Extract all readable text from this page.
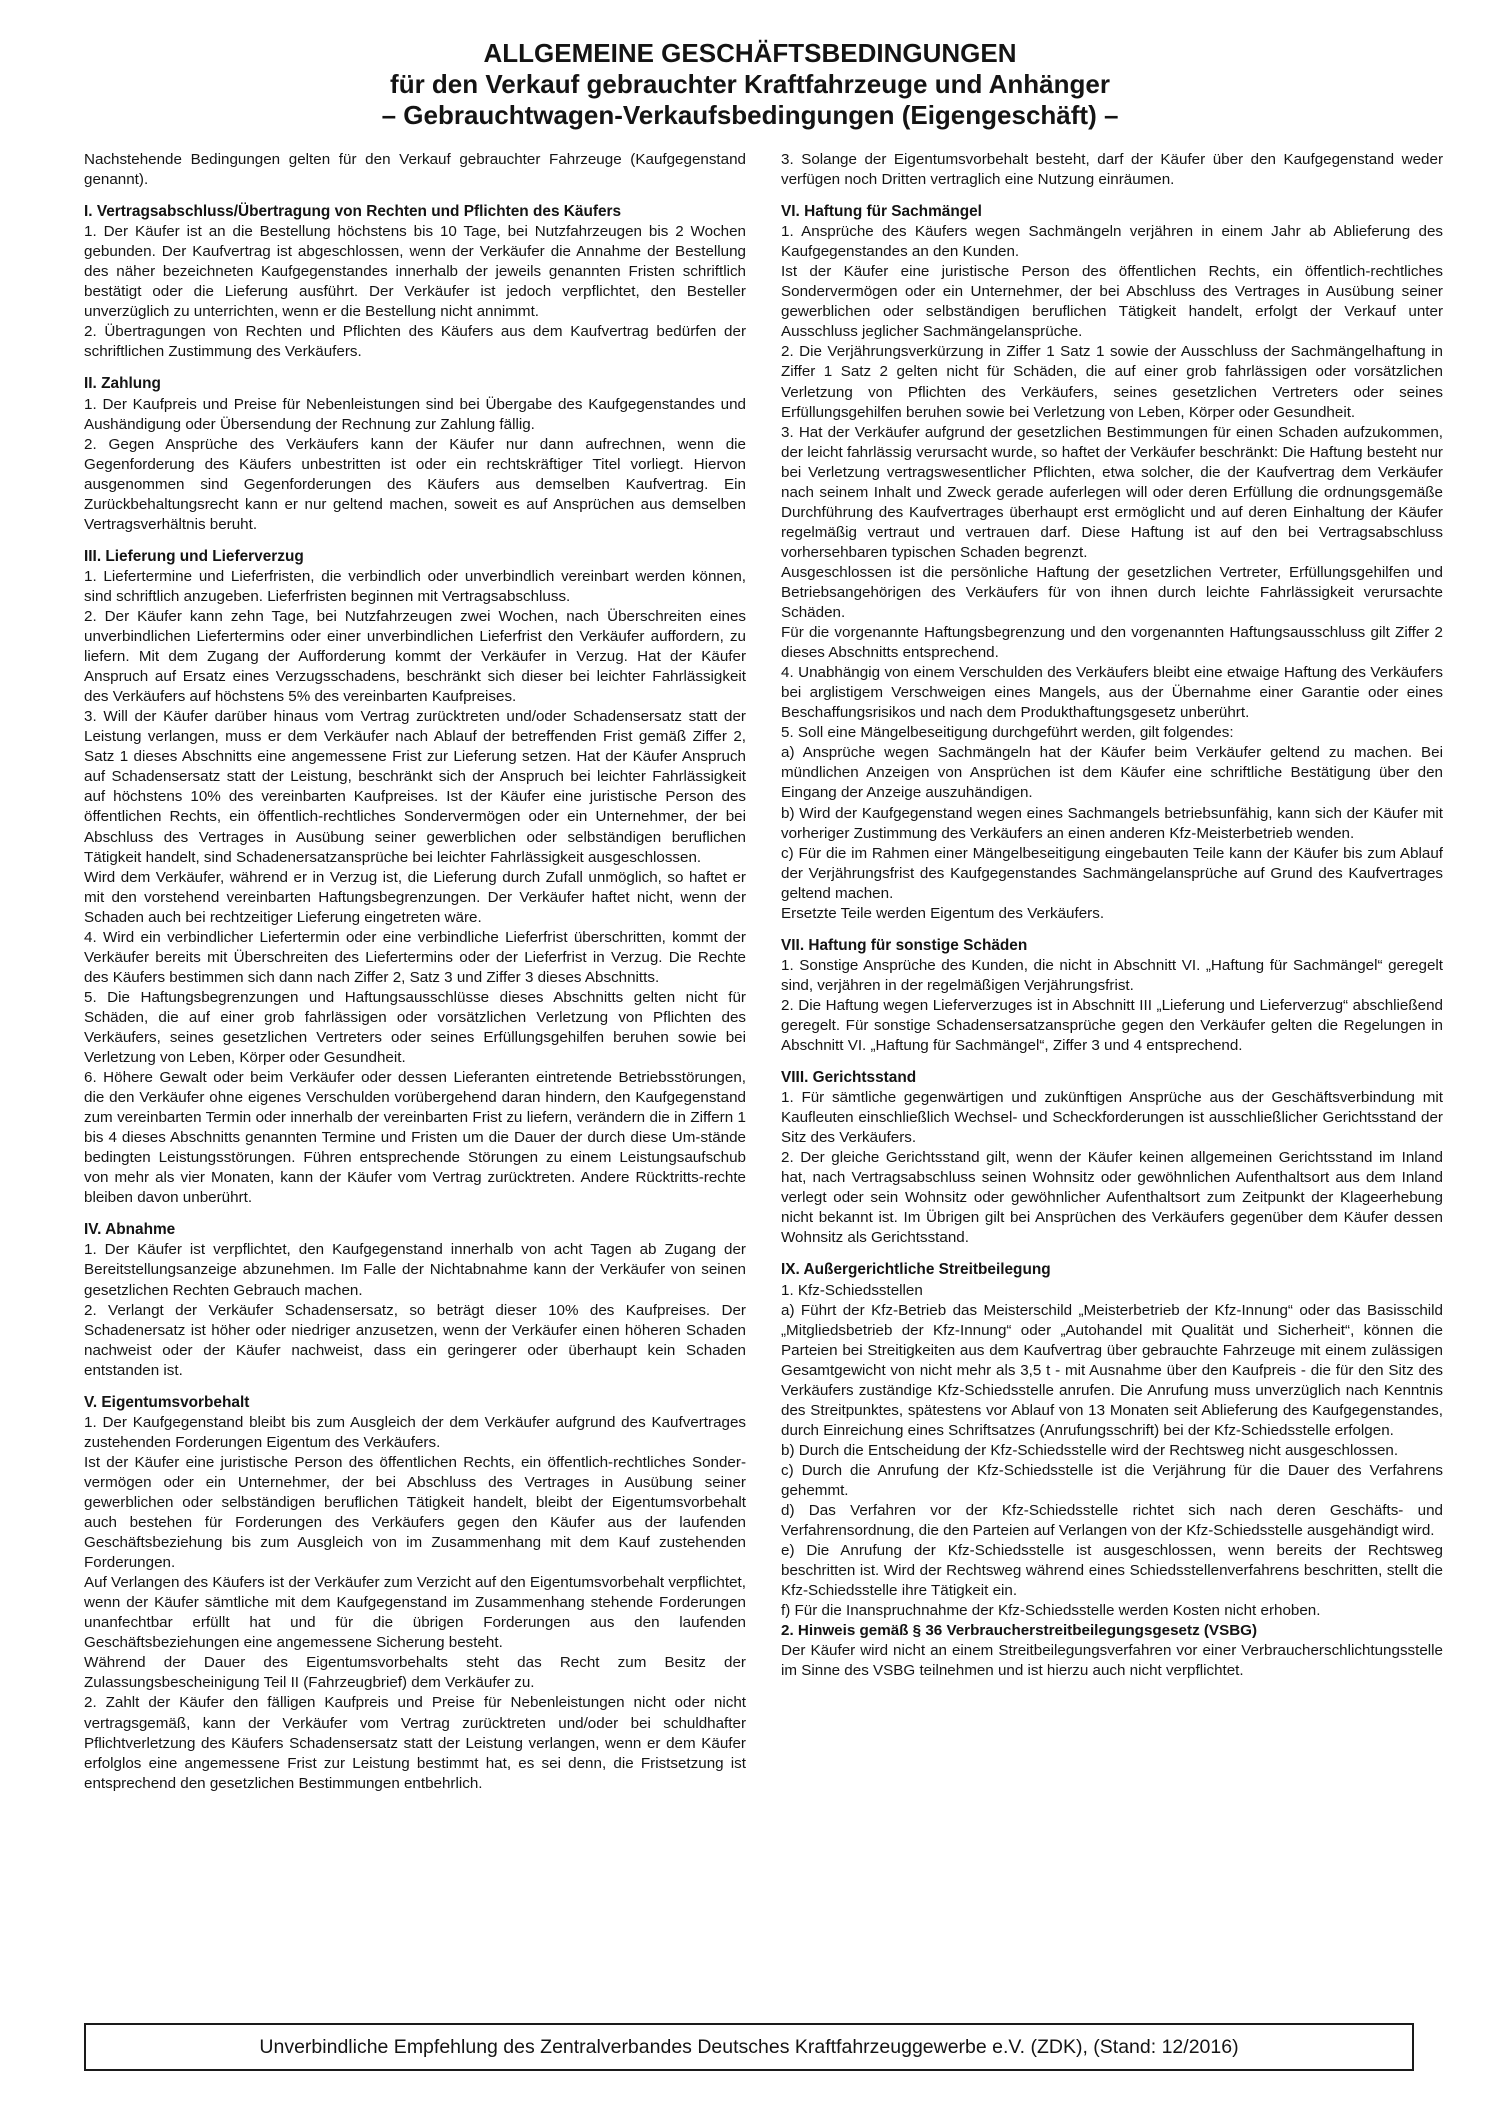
ALLGEMEINE GESCHÄFTSBEDINGUNGEN
für den Verkauf gebrauchter Kraftfahrzeuge und Anhänger
– Gebrauchtwagen-Verkaufsbedingungen (Eigengeschäft) –

Nachstehende Bedingungen gelten für den Verkauf gebrauchter Fahrzeuge (Kaufgegenstand genannt).

I. Vertragsabschluss/Übertragung von Rechten und Pflichten des Käufers

1. Der Käufer ist an die Bestellung höchstens bis 10 Tage, bei Nutzfahrzeugen bis 2 Wochen gebunden. Der Kaufvertrag ist abgeschlossen, wenn der Verkäufer die Annahme der Bestellung des näher bezeichneten Kaufgegenstandes innerhalb der jeweils genannten Fristen schriftlich bestätigt oder die Lieferung ausführt. Der Verkäufer ist jedoch verpflichtet, den Besteller unverzüglich zu unterrichten, wenn er die Bestellung nicht annimmt.

2. Übertragungen von Rechten und Pflichten des Käufers aus dem Kaufvertrag bedürfen der schriftlichen Zustimmung des Verkäufers.

II. Zahlung

1. Der Kaufpreis und Preise für Nebenleistungen sind bei Übergabe des Kaufgegenstandes und Aushändigung oder Übersendung der Rechnung zur Zahlung fällig.

2. Gegen Ansprüche des Verkäufers kann der Käufer nur dann aufrechnen, wenn die Gegenforderung des Käufers unbestritten ist oder ein rechtskräftiger Titel vorliegt. Hiervon ausgenommen sind Gegenforderungen des Käufers aus demselben Kaufvertrag. Ein Zurückbehaltungsrecht kann er nur geltend machen, soweit es auf Ansprüchen aus demselben Vertragsverhältnis beruht.

III. Lieferung und Lieferverzug

1. Liefertermine und Lieferfristen, die verbindlich oder unverbindlich vereinbart werden können, sind schriftlich anzugeben. Lieferfristen beginnen mit Vertragsabschluss.

2. Der Käufer kann zehn Tage, bei Nutzfahrzeugen zwei Wochen, nach Überschreiten eines unverbindlichen Liefertermins oder einer unverbindlichen Lieferfrist den Verkäufer auffordern, zu liefern. Mit dem Zugang der Aufforderung kommt der Verkäufer in Verzug. Hat der Käufer Anspruch auf Ersatz eines Verzugsschadens, beschränkt sich dieser bei leichter Fahrlässigkeit des Verkäufers auf höchstens 5% des vereinbarten Kaufpreises.

3. Will der Käufer darüber hinaus vom Vertrag zurücktreten und/oder Schadensersatz statt der Leistung verlangen, muss er dem Verkäufer nach Ablauf der betreffenden Frist gemäß Ziffer 2, Satz 1 dieses Abschnitts eine angemessene Frist zur Lieferung setzen. Hat der Käufer Anspruch auf Schadensersatz statt der Leistung, beschränkt sich der Anspruch bei leichter Fahrlässigkeit auf höchstens 10% des vereinbarten Kaufpreises. Ist der Käufer eine juristische Person des öffentlichen Rechts, ein öffentlich-rechtliches Sondervermögen oder ein Unternehmer, der bei Abschluss des Vertrages in Ausübung seiner gewerblichen oder selbständigen beruflichen Tätigkeit handelt, sind Schadenersatzansprüche bei leichter Fahrlässigkeit ausgeschlossen.

Wird dem Verkäufer, während er in Verzug ist, die Lieferung durch Zufall unmöglich, so haftet er mit den vorstehend vereinbarten Haftungsbegrenzungen. Der Verkäufer haftet nicht, wenn der Schaden auch bei rechtzeitiger Lieferung eingetreten wäre.

4. Wird ein verbindlicher Liefertermin oder eine verbindliche Lieferfrist überschritten, kommt der Verkäufer bereits mit Überschreiten des Liefertermins oder der Lieferfrist in Verzug. Die Rechte des Käufers bestimmen sich dann nach Ziffer 2, Satz 3 und Ziffer 3 dieses Abschnitts.

5. Die Haftungsbegrenzungen und Haftungsausschlüsse dieses Abschnitts gelten nicht für Schäden, die auf einer grob fahrlässigen oder vorsätzlichen Verletzung von Pflichten des Verkäufers, seines gesetzlichen Vertreters oder seines Erfüllungsgehilfen beruhen sowie bei Verletzung von Leben, Körper oder Gesundheit.

6. Höhere Gewalt oder beim Verkäufer oder dessen Lieferanten eintretende Betriebsstörungen, die den Verkäufer ohne eigenes Verschulden vorübergehend daran hindern, den Kaufgegenstand zum vereinbarten Termin oder innerhalb der vereinbarten Frist zu liefern, verändern die in Ziffern 1 bis 4 dieses Abschnitts genannten Termine und Fristen um die Dauer der durch diese Um-stände bedingten Leistungsstörungen. Führen entsprechende Störungen zu einem Leistungsaufschub von mehr als vier Monaten, kann der Käufer vom Vertrag zurücktreten. Andere Rücktritts-rechte bleiben davon unberührt.

IV. Abnahme

1. Der Käufer ist verpflichtet, den Kaufgegenstand innerhalb von acht Tagen ab Zugang der Bereitstellungsanzeige abzunehmen. Im Falle der Nichtabnahme kann der Verkäufer von seinen gesetzlichen Rechten Gebrauch machen.

2. Verlangt der Verkäufer Schadensersatz, so beträgt dieser 10% des Kaufpreises. Der Schadenersatz ist höher oder niedriger anzusetzen, wenn der Verkäufer einen höheren Schaden nachweist oder der Käufer nachweist, dass ein geringerer oder überhaupt kein Schaden entstanden ist.

V. Eigentumsvorbehalt

1. Der Kaufgegenstand bleibt bis zum Ausgleich der dem Verkäufer aufgrund des Kaufvertrages zustehenden Forderungen Eigentum des Verkäufers.

Ist der Käufer eine juristische Person des öffentlichen Rechts, ein öffentlich-rechtliches Sonder-vermögen oder ein Unternehmer, der bei Abschluss des Vertrages in Ausübung seiner gewerblichen oder selbständigen beruflichen Tätigkeit handelt, bleibt der Eigentumsvorbehalt auch bestehen für Forderungen des Verkäufers gegen den Käufer aus der laufenden Geschäftsbeziehung bis zum Ausgleich von im Zusammenhang mit dem Kauf zustehenden Forderungen.

Auf Verlangen des Käufers ist der Verkäufer zum Verzicht auf den Eigentumsvorbehalt verpflichtet, wenn der Käufer sämtliche mit dem Kaufgegenstand im Zusammenhang stehende Forderungen unanfechtbar erfüllt hat und für die übrigen Forderungen aus den laufenden Geschäftsbeziehungen eine angemessene Sicherung besteht.

Während der Dauer des Eigentumsvorbehalts steht das Recht zum Besitz der Zulassungsbescheinigung Teil II (Fahrzeugbrief) dem Verkäufer zu.

2. Zahlt der Käufer den fälligen Kaufpreis und Preise für Nebenleistungen nicht oder nicht vertragsgemäß, kann der Verkäufer vom Vertrag zurücktreten und/oder bei schuldhafter Pflichtverletzung des Käufers Schadensersatz statt der Leistung verlangen, wenn er dem Käufer erfolglos eine angemessene Frist zur Leistung bestimmt hat, es sei denn, die Fristsetzung ist entsprechend den gesetzlichen Bestimmungen entbehrlich.

3. Solange der Eigentumsvorbehalt besteht, darf der Käufer über den Kaufgegenstand weder verfügen noch Dritten vertraglich eine Nutzung einräumen.

VI. Haftung für Sachmängel

1. Ansprüche des Käufers wegen Sachmängeln verjähren in einem Jahr ab Ablieferung des Kaufgegenstandes an den Kunden.

Ist der Käufer eine juristische Person des öffentlichen Rechts, ein öffentlich-rechtliches Sondervermögen oder ein Unternehmer, der bei Abschluss des Vertrages in Ausübung seiner gewerblichen oder selbständigen beruflichen Tätigkeit handelt, erfolgt der Verkauf unter Ausschluss jeglicher Sachmängelansprüche.

2. Die Verjährungsverkürzung in Ziffer 1 Satz 1 sowie der Ausschluss der Sachmängelhaftung in Ziffer 1 Satz 2 gelten nicht für Schäden, die auf einer grob fahrlässigen oder vorsätzlichen Verletzung von Pflichten des Verkäufers, seines gesetzlichen Vertreters oder seines Erfüllungsgehilfen beruhen sowie bei Verletzung von Leben, Körper oder Gesundheit.

3. Hat der Verkäufer aufgrund der gesetzlichen Bestimmungen für einen Schaden aufzukommen, der leicht fahrlässig verursacht wurde, so haftet der Verkäufer beschränkt: Die Haftung besteht nur bei Verletzung vertragswesentlicher Pflichten, etwa solcher, die der Kaufvertrag dem Verkäufer nach seinem Inhalt und Zweck gerade auferlegen will oder deren Erfüllung die ordnungsgemäße Durchführung des Kaufvertrages überhaupt erst ermöglicht und auf deren Einhaltung der Käufer regelmäßig vertraut und vertrauen darf. Diese Haftung ist auf den bei Vertragsabschluss vorhersehbaren typischen Schaden begrenzt.

Ausgeschlossen ist die persönliche Haftung der gesetzlichen Vertreter, Erfüllungsgehilfen und Betriebsangehörigen des Verkäufers für von ihnen durch leichte Fahrlässigkeit verursachte Schäden.

Für die vorgenannte Haftungsbegrenzung und den vorgenannten Haftungsausschluss gilt Ziffer 2 dieses Abschnitts entsprechend.

4. Unabhängig von einem Verschulden des Verkäufers bleibt eine etwaige Haftung des Verkäufers bei arglistigem Verschweigen eines Mangels, aus der Übernahme einer Garantie oder eines Beschaffungsrisikos und nach dem Produkthaftungsgesetz unberührt.

5. Soll eine Mängelbeseitigung durchgeführt werden, gilt folgendes:

a) Ansprüche wegen Sachmängeln hat der Käufer beim Verkäufer geltend zu machen. Bei mündlichen Anzeigen von Ansprüchen ist dem Käufer eine schriftliche Bestätigung über den Eingang der Anzeige auszuhändigen.

b) Wird der Kaufgegenstand wegen eines Sachmangels betriebsunfähig, kann sich der Käufer mit vorheriger Zustimmung des Verkäufers an einen anderen Kfz-Meisterbetrieb wenden.

c) Für die im Rahmen einer Mängelbeseitigung eingebauten Teile kann der Käufer bis zum Ablauf der Verjährungsfrist des Kaufgegenstandes Sachmängelansprüche auf Grund des Kaufvertrages geltend machen.

Ersetzte Teile werden Eigentum des Verkäufers.

VII. Haftung für sonstige Schäden

1. Sonstige Ansprüche des Kunden, die nicht in Abschnitt VI. „Haftung für Sachmängel“ geregelt sind, verjähren in der regelmäßigen Verjährungsfrist.

2. Die Haftung wegen Lieferverzuges ist in Abschnitt III „Lieferung und Lieferverzug“ abschließend geregelt. Für sonstige Schadensersatzansprüche gegen den Verkäufer gelten die Regelungen in Abschnitt VI. „Haftung für Sachmängel“, Ziffer 3 und 4 entsprechend.

VIII. Gerichtsstand

1. Für sämtliche gegenwärtigen und zukünftigen Ansprüche aus der Geschäftsverbindung mit Kaufleuten einschließlich Wechsel- und Scheckforderungen ist ausschließlicher Gerichtsstand der Sitz des Verkäufers.

2. Der gleiche Gerichtsstand gilt, wenn der Käufer keinen allgemeinen Gerichtsstand im Inland hat, nach Vertragsabschluss seinen Wohnsitz oder gewöhnlichen Aufenthaltsort aus dem Inland verlegt oder sein Wohnsitz oder gewöhnlicher Aufenthaltsort zum Zeitpunkt der Klageerhebung nicht bekannt ist. Im Übrigen gilt bei Ansprüchen des Verkäufers gegenüber dem Käufer dessen Wohnsitz als Gerichtsstand.

IX. Außergerichtliche Streitbeilegung

1. Kfz-Schiedsstellen

a) Führt der Kfz-Betrieb das Meisterschild „Meisterbetrieb der Kfz-Innung“ oder das Basisschild „Mitgliedsbetrieb der Kfz-Innung“ oder „Autohandel mit Qualität und Sicherheit“, können die Parteien bei Streitigkeiten aus dem Kaufvertrag über gebrauchte Fahrzeuge mit einem zulässigen Gesamtgewicht von nicht mehr als 3,5 t - mit Ausnahme über den Kaufpreis - die für den Sitz des Verkäufers zuständige Kfz-Schiedsstelle anrufen. Die Anrufung muss unverzüglich nach Kenntnis des Streitpunktes, spätestens vor Ablauf von 13 Monaten seit Ablieferung des Kaufgegenstandes, durch Einreichung eines Schriftsatzes (Anrufungsschrift) bei der Kfz-Schiedsstelle erfolgen.

b) Durch die Entscheidung der Kfz-Schiedsstelle wird der Rechtsweg nicht ausgeschlossen.

c) Durch die Anrufung der Kfz-Schiedsstelle ist die Verjährung für die Dauer des Verfahrens gehemmt.

d) Das Verfahren vor der Kfz-Schiedsstelle richtet sich nach deren Geschäfts- und Verfahrensordnung, die den Parteien auf Verlangen von der Kfz-Schiedsstelle ausgehändigt wird.

e) Die Anrufung der Kfz-Schiedsstelle ist ausgeschlossen, wenn bereits der Rechtsweg beschritten ist. Wird der Rechtsweg während eines Schiedsstellenverfahrens beschritten, stellt die Kfz-Schiedsstelle ihre Tätigkeit ein.

f) Für die Inanspruchnahme der Kfz-Schiedsstelle werden Kosten nicht erhoben.

2. Hinweis gemäß § 36 Verbraucherstreitbeilegungsgesetz (VSBG)

Der Käufer wird nicht an einem Streitbeilegungsverfahren vor einer Verbraucherschlichtungsstelle im Sinne des VSBG teilnehmen und ist hierzu auch nicht verpflichtet.

Unverbindliche Empfehlung des Zentralverbandes Deutsches Kraftfahrzeuggewerbe e.V. (ZDK), (Stand: 12/2016)
